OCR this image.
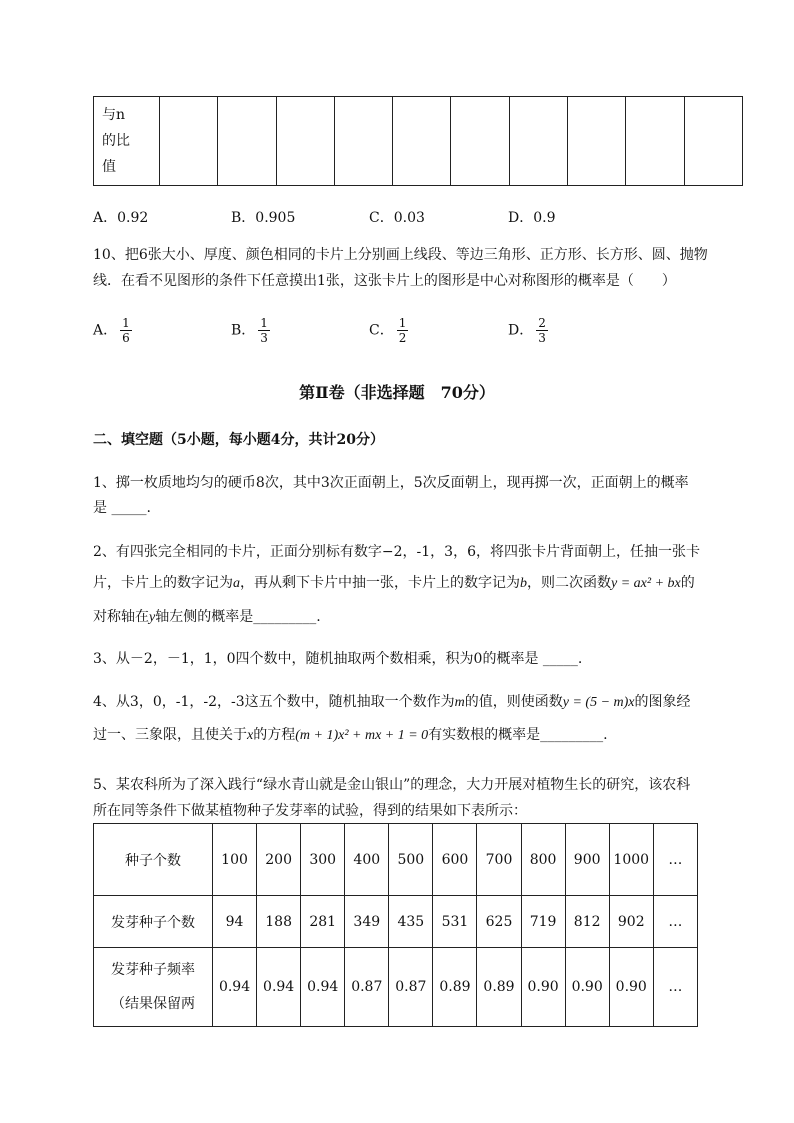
与n
的比
值

A．0.92	B．0.905	C．0.03	D．0.9
10、把6张大小、厚度、颜色相同的卡片上分别画上线段、等边三角形、正方形、长方形、圆、抛物
线．在看不见图形的条件下任意摸出1张，这张卡片上的图形是中心对称图形的概率是（　　）
A． $\frac{1}{6}$	B． $\frac{1}{3}$	C． $\frac{1}{2}$	D． $\frac{2}{3}$
第Ⅱ卷（非选择题　70分）
二、填空题（5小题，每小题4分，共计20分）
1、掷一枚质地均匀的硬币8次，其中3次正面朝上，5次反面朝上，现再掷一次，正面朝上的概率
是 _____.
2、有四张完全相同的卡片，正面分别标有数字−2，-1，3，6，将四张卡片背面朝上，任抽一张卡
片，卡片上的数字记为a，再从剩下卡片中抽一张，卡片上的数字记为b，则二次函数y = ax² + bx的
对称轴在y轴左侧的概率是_________.
3、从－2，－1，1，0四个数中，随机抽取两个数相乘，积为0的概率是 _____.
4、从3，0，-1，-2，-3这五个数中，随机抽取一个数作为m的值，则使函数y = (5 − m)x的图象经
过一、三象限，且使关于x的方程(m + 1)x² + mx + 1 = 0有实数根的概率是_________.
5、某农科所为了深入践行“绿水青山就是金山银山”的理念，大力开展对植物生长的研究，该农科
所在同等条件下做某植物种子发芽率的试验，得到的结果如下表所示：
种子个数	100	200	300	400	500	600	700	800	900	1000	…
发芽种子个数	94	188	281	349	435	531	625	719	812	902	…

发芽种子频率
（结果保留两	0.94	0.94	0.94	0.87	0.87	0.89	0.89	0.90	0.90	0.90	…
